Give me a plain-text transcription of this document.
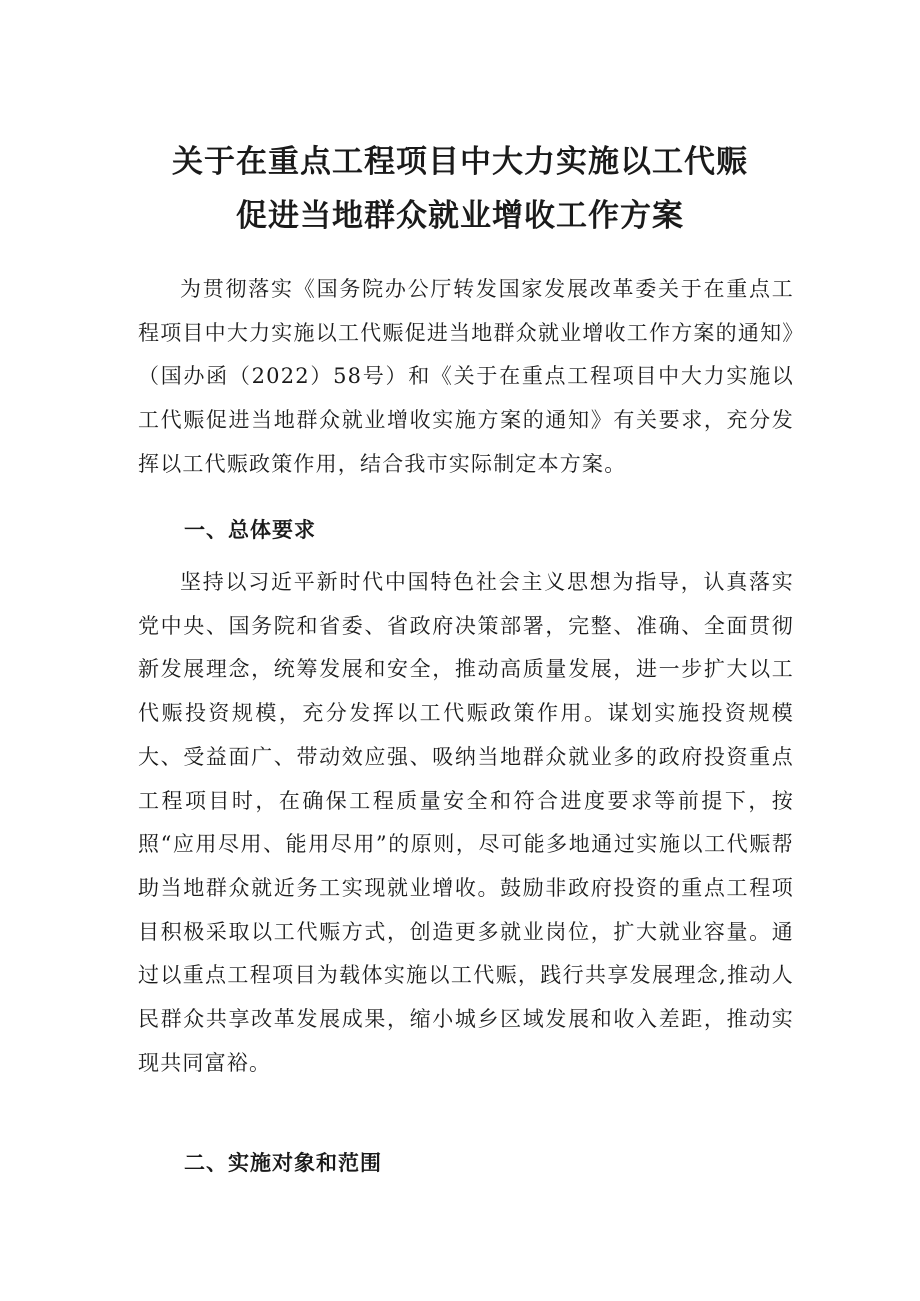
关于在重点工程项目中大力实施以工代赈
促进当地群众就业增收工作方案

为贯彻落实《国务院办公厅转发国家发展改革委关于在重点工程项目中大力实施以工代赈促进当地群众就业增收工作方案的通知》（国办函（2022）58号）和《关于在重点工程项目中大力实施以工代赈促进当地群众就业增收实施方案的通知》有关要求，充分发挥以工代赈政策作用，结合我市实际制定本方案。

一、总体要求

坚持以习近平新时代中国特色社会主义思想为指导，认真落实党中央、国务院和省委、省政府决策部署，完整、准确、全面贯彻新发展理念，统筹发展和安全，推动高质量发展，进一步扩大以工代赈投资规模，充分发挥以工代赈政策作用。谋划实施投资规模大、受益面广、带动效应强、吸纳当地群众就业多的政府投资重点工程项目时，在确保工程质量安全和符合进度要求等前提下，按照“应用尽用、能用尽用”的原则，尽可能多地通过实施以工代赈帮助当地群众就近务工实现就业增收。鼓励非政府投资的重点工程项目积极采取以工代赈方式，创造更多就业岗位，扩大就业容量。通过以重点工程项目为载体实施以工代赈，践行共享发展理念,推动人民群众共享改革发展成果，缩小城乡区域发展和收入差距，推动实现共同富裕。

二、实施对象和范围
